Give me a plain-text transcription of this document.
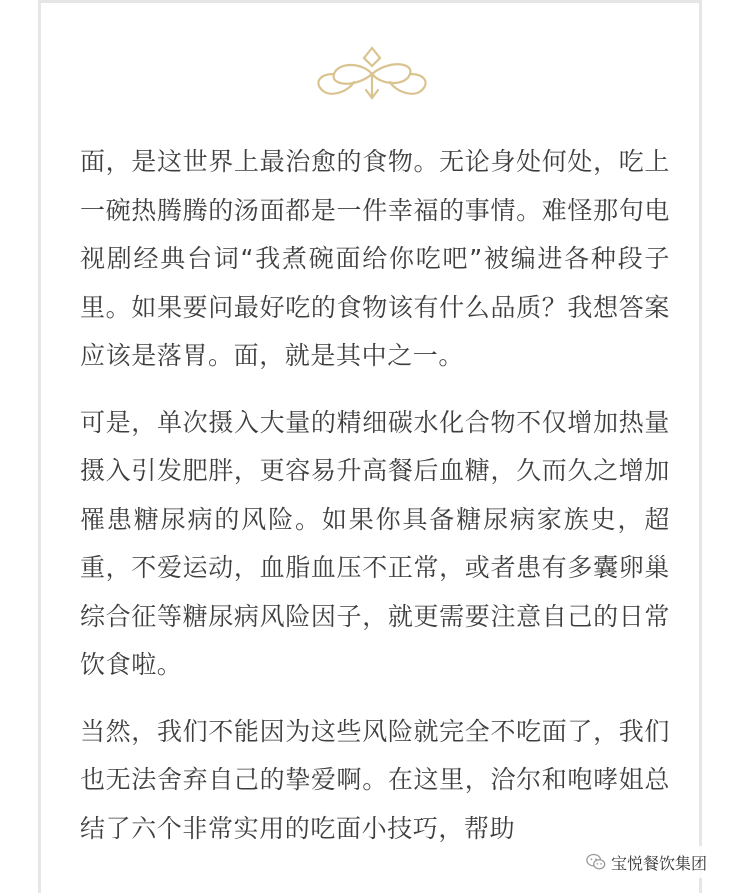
面，是这世界上最治愈的食物。无论身处何处，吃上一碗热腾腾的汤面都是一件幸福的事情。难怪那句电视剧经典台词“我煮碗面给你吃吧”被编进各种段子里。如果要问最好吃的食物该有什么品质？我想答案应该是落胃。面，就是其中之一。

可是，单次摄入大量的精细碳水化合物不仅增加热量摄入引发肥胖，更容易升高餐后血糖，久而久之增加罹患糖尿病的风险。如果你具备糖尿病家族史，超重，不爱运动，血脂血压不正常，或者患有多囊卵巢综合征等糖尿病风险因子，就更需要注意自己的日常饮食啦。

当然，我们不能因为这些风险就完全不吃面了，我们也无法舍弃自己的挚爱啊。在这里，洽尔和咆哮姐总结了六个非常实用的吃面小技巧，帮助

宝悦餐饮集团
